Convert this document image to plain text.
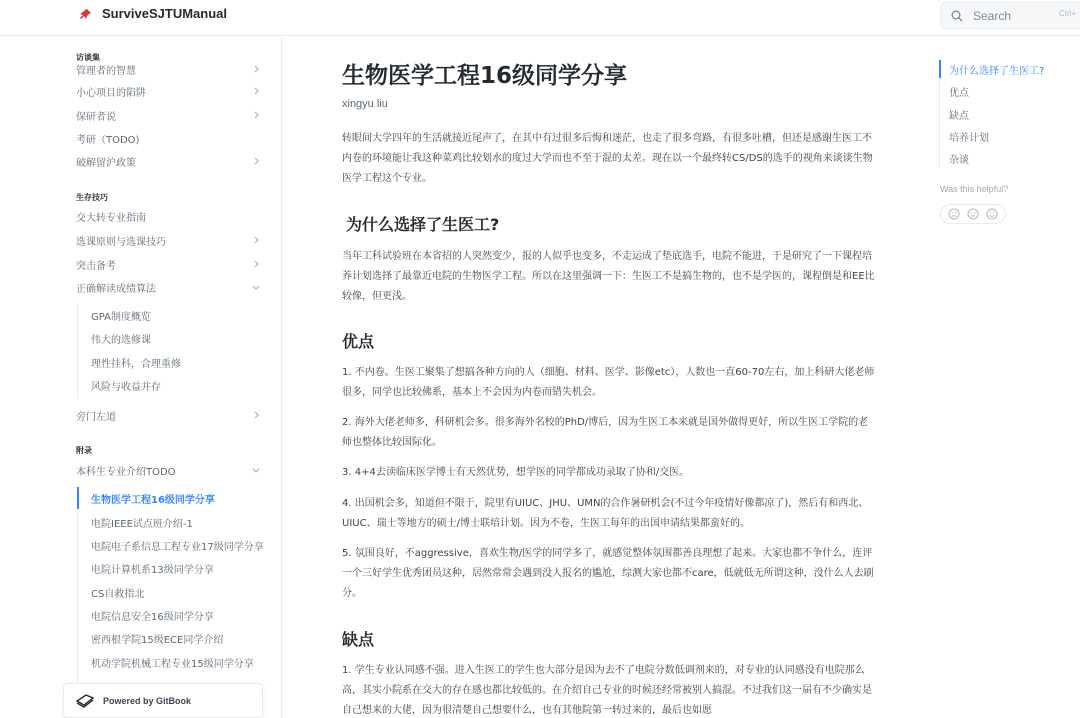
SurviveSJTUManual	Search	Ctrl+
访谈集
管理者的智慧
小心项目的陷阱
保研者说
考研（TODO)
破解留沪政策
生存技巧
交大转专业指南
选课原则与选课技巧
突击备考
正确解读成绩算法
GPA制度概览
伟大的选修课
理性挂科，合理重修
风险与收益并存
旁门左道
附录
本科生专业介绍TODO
生物医学工程16级同学分享
电院IEEE试点班介绍-1
电院电子系信息工程专业17级同学分享
电院计算机系13级同学分享
CS自救指北
电院信息安全16级同学分享
密西根学院15级ECE同学介绍
机动学院机械工程专业15级同学分享
Powered by GitBook
生物医学工程16级同学分享
xingyu liu
转眼间大学四年的生活就接近尾声了，在其中有过很多后悔和迷茫，也走了很多弯路，有很多吐槽，但还是感谢生医工不内卷的环境能让我这种菜鸡比较划水的度过大学而也不至于混的太差。现在以一个最终转CS/DS的选手的视角来谈谈生物医学工程这个专业。
为什么选择了生医工?
当年工科试验班在本省招的人突然变少，报的人似乎也变多，不走运成了垫底选手，电院不能进，于是研究了一下课程培养计划选择了最靠近电院的生物医学工程。所以在这里强调一下：生医工不是搞生物的，也不是学医的，课程倒是和EE比较像，但更浅。
优点
1. 不内卷。生医工聚集了想搞各种方向的人（细胞、材料、医学、影像etc），人数也一直60-70左右，加上科研大佬老师很多，同学也比较佛系，基本上不会因为内卷而错失机会。
2. 海外大佬老师多，科研机会多。很多海外名校的PhD/博后，因为生医工本来就是国外做得更好，所以生医工学院的老师也整体比较国际化。
3. 4+4去读临床医学博士有天然优势，想学医的同学都成功录取了协和/交医。
4. 出国机会多，知道但不限于，院里有UIUC、JHU、UMN的合作暑研机会(不过今年疫情好像都凉了)，然后有和西北、UIUC、瑞士等地方的硕士/博士联培计划。因为不卷，生医工每年的出国申请结果都蛮好的。
5. 氛围良好，不aggressive，喜欢生物/医学的同学多了，就感觉整体氛围都善良理想了起来。大家也都不争什么，连评一个三好学生优秀团员这种，居然常常会遇到没人报名的尴尬，综测大家也都不care，低就低无所谓这种，没什么人去刷分。
缺点
1. 学生专业认同感不强。进入生医工的学生也大部分是因为去不了电院分数低调剂来的，对专业的认同感没有电院那么高，其实小院系在交大的存在感也都比较低的。在介绍自己专业的时候还经常被别人搞混。不过我们这一届有不少确实是自己想来的大佬，因为很清楚自己想要什么，也有其他院第一转过来的，最后也如愿
为什么选择了生医工?
优点
缺点
培养计划
杂谈
Was this helpful?
